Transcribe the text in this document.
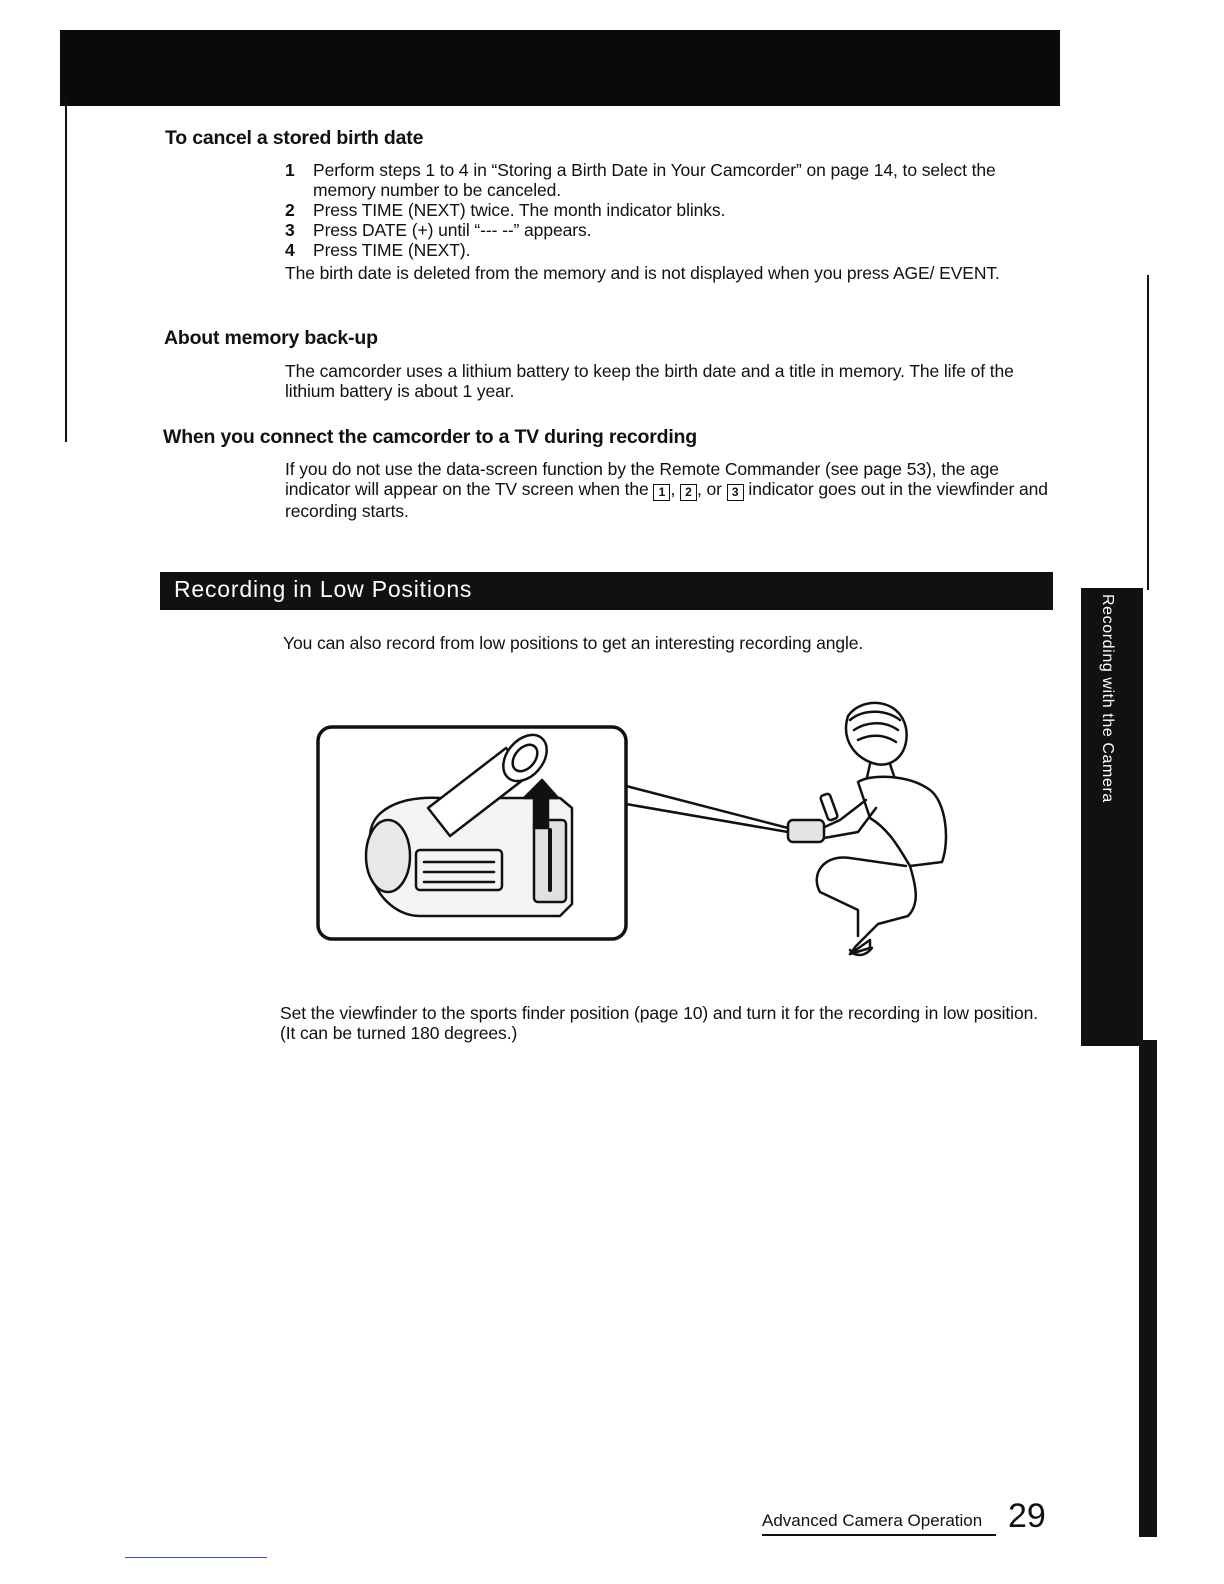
Recording with the Camera
To cancel a stored birth date
1 Perform steps 1 to 4 in “Storing a Birth Date in Your Camcorder” on page 14, to select the memory number to be canceled.
2 Press TIME (NEXT) twice. The month indicator blinks.
3 Press DATE (+) until “--- --” appears.
4 Press TIME (NEXT).
The birth date is deleted from the memory and is not displayed when you press AGE/ EVENT.
About memory back-up
The camcorder uses a lithium battery to keep the birth date and a title in memory. The life of the lithium battery is about 1 year.
When you connect the camcorder to a TV during recording
If you do not use the data-screen function by the Remote Commander (see page 53), the age indicator will appear on the TV screen when the 1 , 2 , or 3 indicator goes out in the viewfinder and recording starts.
Recording in Low Positions
You can also record from low positions to get an interesting recording angle.
Set the viewfinder to the sports finder position (page 10) and turn it for the recording in low position. (It can be turned 180 degrees.)
Advanced Camera Operation 29
